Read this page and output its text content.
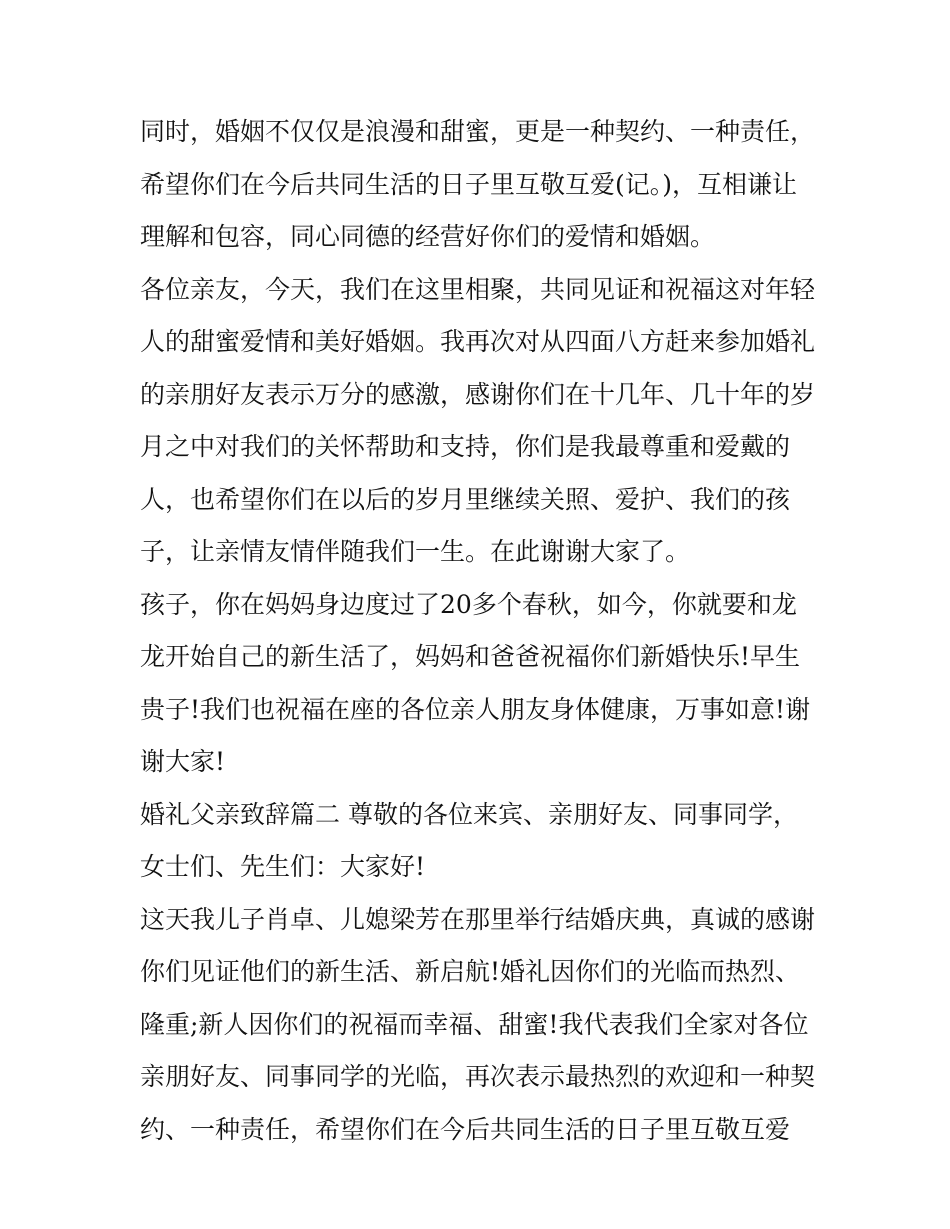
同时，婚姻不仅仅是浪漫和甜蜜，更是一种契约、一种责任，
希望你们在今后共同生活的日子里互敬互爱(记。)，互相谦让
理解和包容，同心同德的经营好你们的爱情和婚姻。
各位亲友，今天，我们在这里相聚，共同见证和祝福这对年轻
人的甜蜜爱情和美好婚姻。我再次对从四面八方赶来参加婚礼
的亲朋好友表示万分的感激，感谢你们在十几年、几十年的岁
月之中对我们的关怀帮助和支持，你们是我最尊重和爱戴的
人，也希望你们在以后的岁月里继续关照、爱护、我们的孩
子，让亲情友情伴随我们一生。在此谢谢大家了。
孩子，你在妈妈身边度过了20多个春秋，如今，你就要和龙
龙开始自己的新生活了，妈妈和爸爸祝福你们新婚快乐!早生
贵子!我们也祝福在座的各位亲人朋友身体健康，万事如意!谢
谢大家!
婚礼父亲致辞篇二 尊敬的各位来宾、亲朋好友、同事同学，
女士们、先生们：大家好!
这天我儿子肖卓、儿媳梁芳在那里举行结婚庆典，真诚的感谢
你们见证他们的新生活、新启航!婚礼因你们的光临而热烈、
隆重;新人因你们的祝福而幸福、甜蜜!我代表我们全家对各位
亲朋好友、同事同学的光临，再次表示最热烈的欢迎和一种契
约、一种责任，希望你们在今后共同生活的日子里互敬互爱
